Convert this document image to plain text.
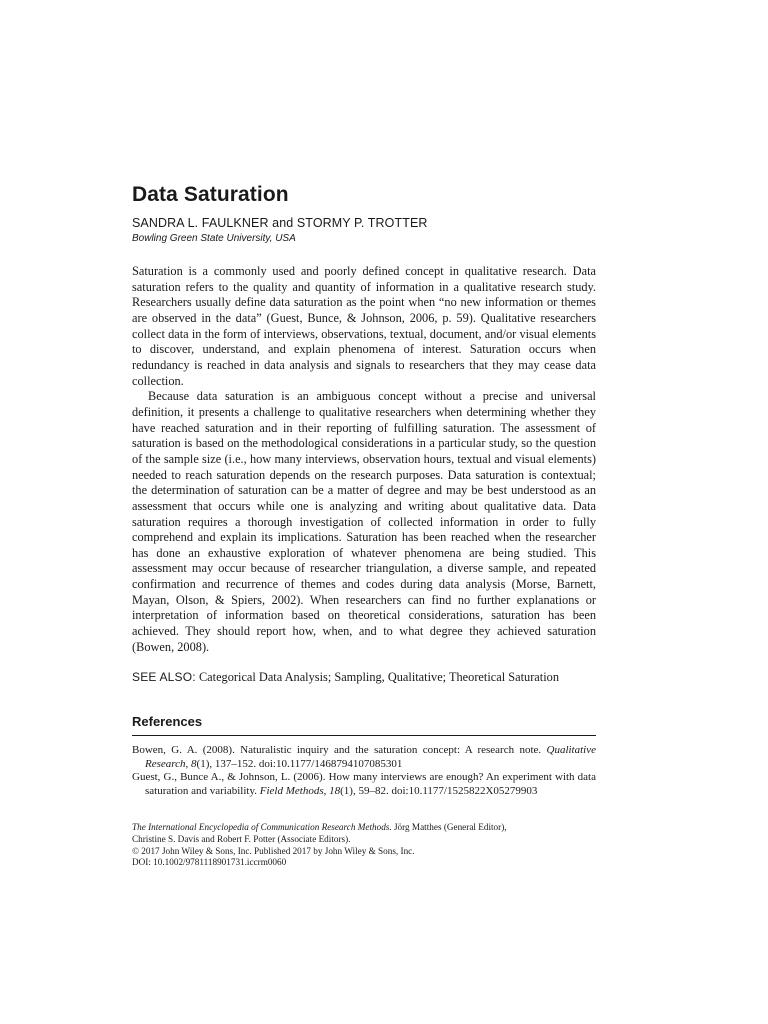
Data Saturation
SANDRA L. FAULKNER and STORMY P. TROTTER
Bowling Green State University, USA

Saturation is a commonly used and poorly defined concept in qualitative research. Data saturation refers to the quality and quantity of information in a qualitative research study. Researchers usually define data saturation as the point when “no new information or themes are observed in the data” (Guest, Bunce, & Johnson, 2006, p. 59). Qualitative researchers collect data in the form of interviews, observations, textual, document, and/or visual elements to discover, understand, and explain phenomena of interest. Saturation occurs when redundancy is reached in data analysis and signals to researchers that they may cease data collection.

Because data saturation is an ambiguous concept without a precise and universal definition, it presents a challenge to qualitative researchers when determining whether they have reached saturation and in their reporting of fulfilling saturation. The assessment of saturation is based on the methodological considerations in a particular study, so the question of the sample size (i.e., how many interviews, observation hours, textual and visual elements) needed to reach saturation depends on the research purposes. Data saturation is contextual; the determination of saturation can be a matter of degree and may be best understood as an assessment that occurs while one is analyzing and writing about qualitative data. Data saturation requires a thorough investigation of collected information in order to fully comprehend and explain its implications. Saturation has been reached when the researcher has done an exhaustive exploration of whatever phenomena are being studied. This assessment may occur because of researcher triangulation, a diverse sample, and repeated confirmation and recurrence of themes and codes during data analysis (Morse, Barnett, Mayan, Olson, & Spiers, 2002). When researchers can find no further explanations or interpretation of information based on theoretical considerations, saturation has been achieved. They should report how, when, and to what degree they achieved saturation (Bowen, 2008).

SEE ALSO: Categorical Data Analysis; Sampling, Qualitative; Theoretical Saturation
References

Bowen, G. A. (2008). Naturalistic inquiry and the saturation concept: A research note. Qualitative Research, 8(1), 137–152. doi:10.1177/1468794107085301

Guest, G., Bunce A., & Johnson, L. (2006). How many interviews are enough? An experiment with data saturation and variability. Field Methods, 18(1), 59–82. doi:10.1177/1525822X05279903

The International Encyclopedia of Communication Research Methods. Jörg Matthes (General Editor),
Christine S. Davis and Robert F. Potter (Associate Editors).
© 2017 John Wiley & Sons, Inc. Published 2017 by John Wiley & Sons, Inc.
DOI: 10.1002/9781118901731.iccrm0060
